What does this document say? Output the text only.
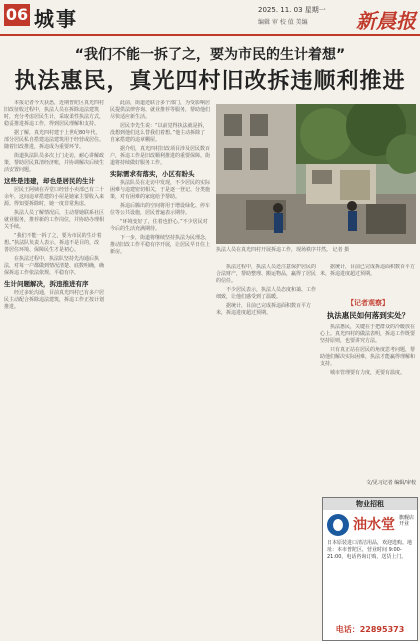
06 城事	2025. 11. 03 星期一
编辑 审 校 值 美编 新晨报
“我们不能一拆了之，要为市民的生计着想”
执法惠民，真光四村旧改拆违顺利推进

本报记者今天获悉，近期普陀区真光四村旧改征收过程中，执法人员在拆除违法建筑时，充分考虑居民生计，采取柔性执法方式，稳妥推进拆违工作，得到居民理解和支持。

据了解，真光四村建于上世纪80年代，部分居民私自搭建违法建筑用于经营或居住。随着旧改推进，拆违成为重要环节。

街道执法队员多次上门走访，耐心讲解政策，帮助居民算清经济账，并协调解决后续生活安置问题。

这些是违建，却也是居民的生计

居民王阿姨在弄堂口经营小卖部已有二十余年，这间违章搭建的小屋是她家主要收入来源。得知要拆除时，她一度非常焦虑。

执法人员了解情况后，主动帮她联系社区就业服务，推荐新的工作岗位，并协助办理相关手续。

“我们不能一拆了之，要为市民的生计着想。”执法队负责人表示，拆违不是目的，改善居住环境、保障民生才是初心。

在执法过程中，执法队坚持先沟通后执法，对每一户都做到情况清楚、底数明确，确保拆违工作依法依规、平稳有序。

生计问题解决，拆违推进有序

经过多轮沟通，目前真光四村已有多户居民主动配合拆除违法建筑，拆违工作正按计划推进。

此前，街道还联合多个部门，为受影响居民提供法律咨询、就业推荐等服务，帮助他们尽快适应新生活。

居民李先生说：“以前觉得执法就是拆，没想到他们这么替我们着想。”他主动拆除了自家搭建的违章棚屋。

据介绍，真光四村旧改项目涉及居民数百户，拆违工作是旧改顺利推进的重要保障。街道将持续做好服务工作。

实际需求有落实，小区有盼头

执法队员在走访中发现，不少居民的实际困难与违建密切相关，于是逐一登记、分类施策，对有困难的家庭给予帮助。

拆违后腾出的空间将用于增设绿化、停车位等公共设施，居民普遍表示期待。

“环境变好了，住着也舒心。”不少居民对今后的生活充满期待。

下一步，街道将继续坚持执法为民理念，推动旧改工作平稳有序开展，让居民早日住上新房。	执法人员在真光四村开展拆违工作，现场秩序井然。 记者 摄

执法过程中，执法人员还注意保护居民的合法财产，帮助整理、搬运物品，赢得了居民的信任。

不少居民表示，执法人员态度和蔼、工作细致，让他们感受到了温暖。

据统计，目前已完成拆违面积数百平方米，拆违进度超过预期。

据统计，目前已完成拆违面积数百平方米，拆违进度超过预期。

【记者观察】
执法惠民如何落到实处？

执法惠民，关键在于把群众的冷暖放在心上。真光四村的做法表明，拆违工作既要坚持原则，也要讲究方法。

只有真正站在居民的角度思考问题，帮助他们解决实际困难，执法才能赢得理解和支持。

城市管理要有力度，更要有温度。

文/见习记者 编辑/审校
物业招租
油水堂 旗舰店开业
日本原装进口清洁用品，欢迎选购。地址：本市普陀区，营业时间 9:00-21:00，电话咨询订购，送货上门。
电话：22895373
